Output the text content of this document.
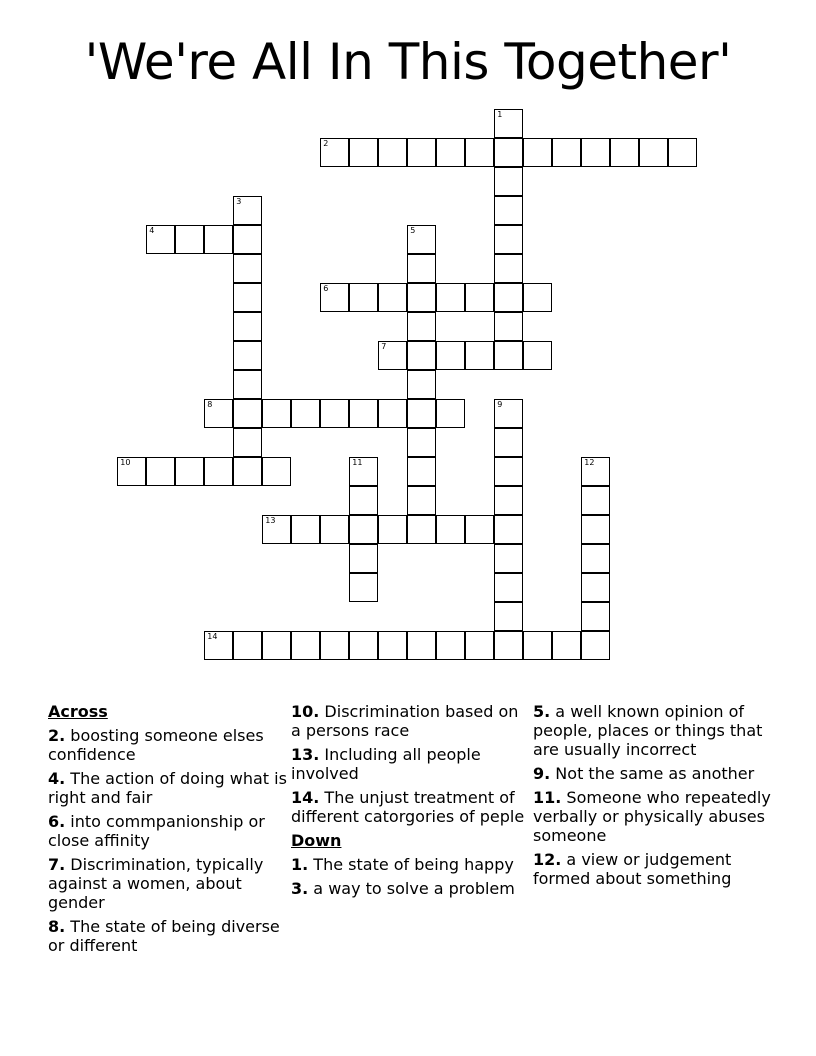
'We're All In This Together'
1
2
3
4	5
6
7
8	9
10	11	12
13
14
Across
2. boosting someone elses confidence
4. The action of doing what is right and fair
6. into commpanionship or close affinity
7. Discrimination, typically against a women, about gender
8. The state of being diverse or different
10. Discrimination based on a persons race
13. Including all people involved
14. The unjust treatment of different catorgories of peple
Down
1. The state of being happy
3. a way to solve a problem
5. a well known opinion of people, places or things that are usually incorrect
9. Not the same as another
11. Someone who repeatedly verbally or physically abuses someone
12. a view or judgement formed about something
